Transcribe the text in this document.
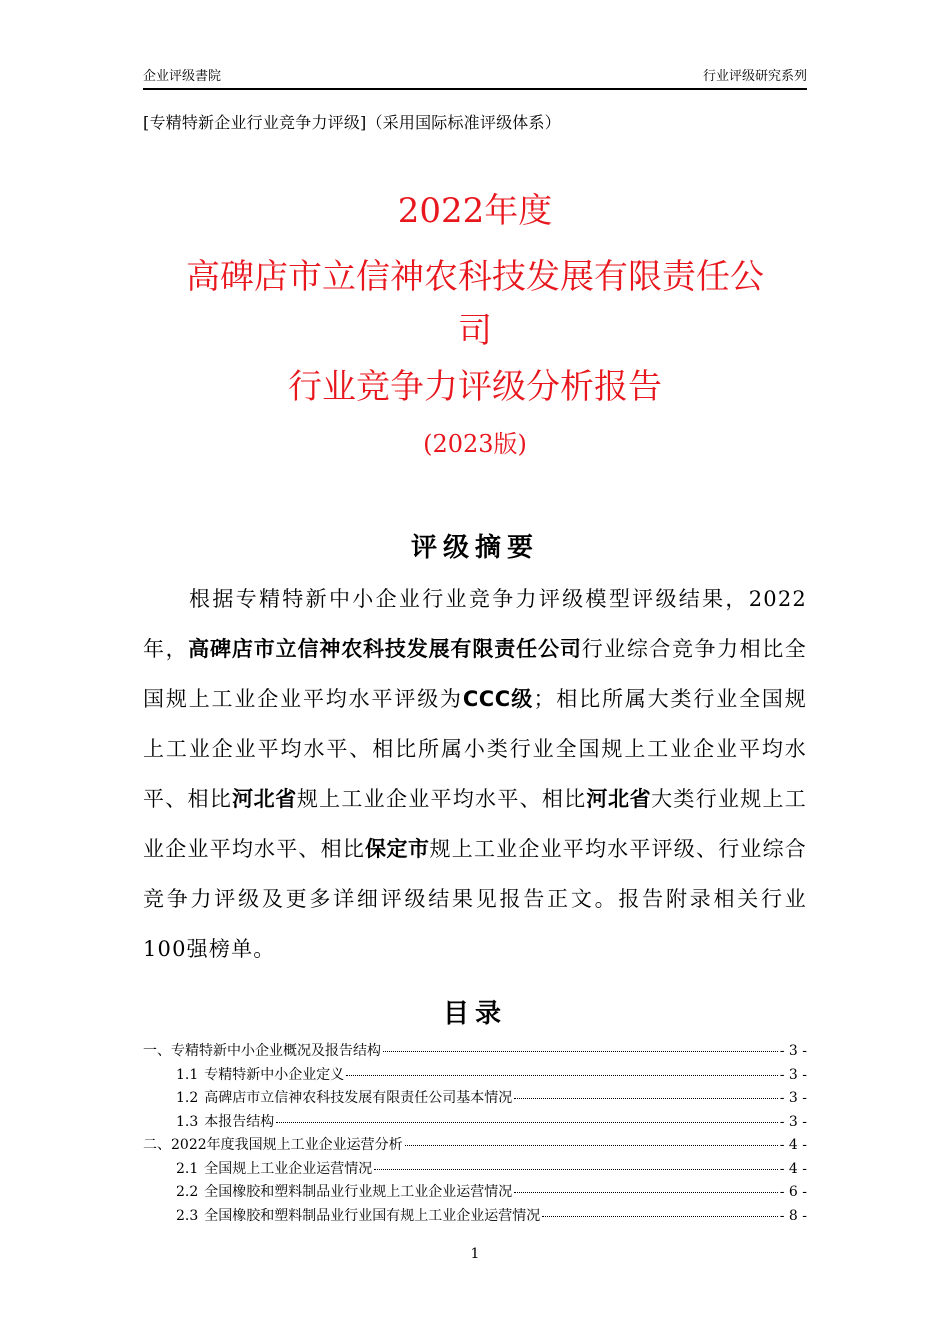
企业评级書院	行业评级研究系列
[专精特新企业行业竞争力评级]（采用国际标准评级体系）
2022年度
高碑店市立信神农科技发展有限责任公
司
行业竞争力评级分析报告
(2023版)
评级摘要
根据专精特新中小企业行业竞争力评级模型评级结果，2022年，高碑店市立信神农科技发展有限责任公司行业综合竞争力相比全国规上工业企业平均水平评级为CCC级；相比所属大类行业全国规上工业企业平均水平、相比所属小类行业全国规上工业企业平均水平、相比河北省规上工业企业平均水平、相比河北省大类行业规上工业企业平均水平、相比保定市规上工业企业平均水平评级、行业综合竞争力评级及更多详细评级结果见报告正文。报告附录相关行业100强榜单。
目录
一、专精特新中小企业概况及报告结构	- 3 -
1.1 专精特新中小企业定义	- 3 -
1.2 高碑店市立信神农科技发展有限责任公司基本情况	- 3 -
1.3 本报告结构	- 3 -
二、2022年度我国规上工业企业运营分析	- 4 -
2.1 全国规上工业企业运营情况	- 4 -
2.2 全国橡胶和塑料制品业行业规上工业企业运营情况	- 6 -
2.3 全国橡胶和塑料制品业行业国有规上工业企业运营情况	- 8 -
1
